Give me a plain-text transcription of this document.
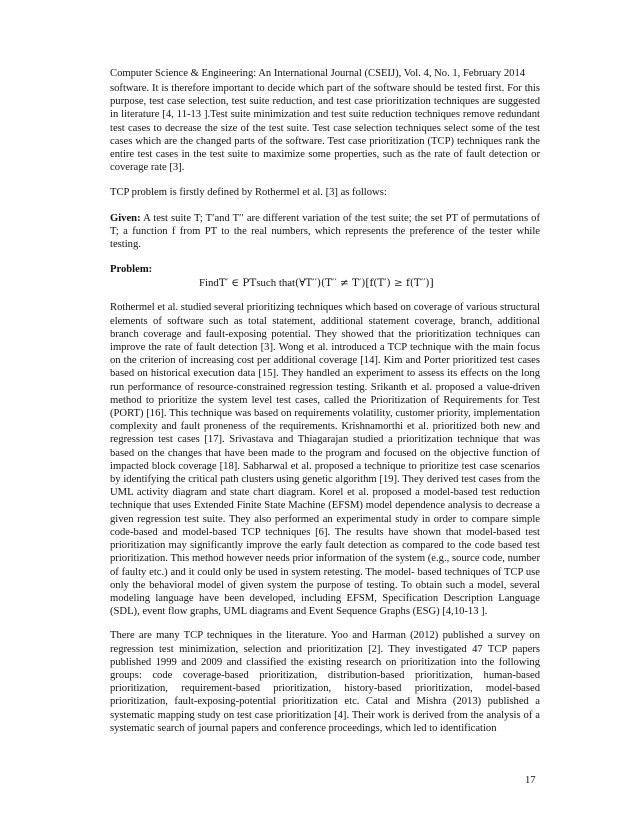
Computer Science & Engineering: An International Journal (CSEIJ), Vol. 4, No. 1, February 2014

software. It is therefore important to decide which part of the software should be tested first. For this purpose, test case selection, test suite reduction, and test case prioritization techniques are suggested in literature [4, 11-13 ].Test suite minimization and test suite reduction techniques remove redundant test cases to decrease the size of the test suite. Test case selection techniques select some of the test cases which are the changed parts of the software. Test case prioritization (TCP) techniques rank the entire test cases in the test suite to maximize some properties, such as the rate of fault detection or coverage rate [3].

TCP problem is firstly defined by Rothermel et al. [3] as follows:

Given: A test suite T; T′and T′′ are different variation of the test suite; the set PT of permutations of T; a function f from PT to the real numbers, which represents the preference of the tester while testing.

Problem:

FindT′ ∈ PTsuch that(∀T′′)(T′′ ≠ T′)[f(T′) ≥ f(T′′)]

Rothermel et al. studied several prioritizing techniques which based on coverage of various structural elements of software such as total statement, additional statement coverage, branch, additional branch coverage and fault-exposing potential. They showed that the prioritization techniques can improve the rate of fault detection [3]. Wong et al. introduced a TCP technique with the main focus on the criterion of increasing cost per additional coverage [14]. Kim and Porter prioritized test cases based on historical execution data [15]. They handled an experiment to assess its effects on the long run performance of resource-constrained regression testing. Srikanth et al. proposed a value-driven method to prioritize the system level test cases, called the Prioritization of Requirements for Test (PORT) [16]. This technique was based on requirements volatility, customer priority, implementation complexity and fault proneness of the requirements. Krishnamorthi et al. prioritized both new and regression test cases [17]. Srivastava and Thiagarajan studied a prioritization technique that was based on the changes that have been made to the program and focused on the objective function of impacted block coverage [18]. Sabharwal et al. proposed a technique to prioritize test case scenarios by identifying the critical path clusters using genetic algorithm [19]. They derived test cases from the UML activity diagram and state chart diagram. Korel et al. proposed a model-based test reduction technique that uses Extended Finite State Machine (EFSM) model dependence analysis to decrease a given regression test suite. They also performed an experimental study in order to compare simple code-based and model-based TCP techniques [6]. The results have shown that model-based test prioritization may significantly improve the early fault detection as compared to the code based test prioritization. This method however needs prior information of the system (e.g., source code, number of faulty etc.) and it could only be used in system retesting. The model- based techniques of TCP use only the behavioral model of given system the purpose of testing. To obtain such a model, several modeling language have been developed, including EFSM, Specification Description Language (SDL), event flow graphs, UML diagrams and Event Sequence Graphs (ESG) [4,10-13 ].

There are many TCP techniques in the literature. Yoo and Harman (2012) published a survey on regression test minimization, selection and prioritization [2]. They investigated 47 TCP papers published 1999 and 2009 and classified the existing research on prioritization into the following groups: code coverage-based prioritization, distribution-based prioritization, human-based prioritization, requirement-based prioritization, history-based prioritization, model-based prioritization, fault-exposing-potential prioritization etc. Catal and Mishra (2013) published a systematic mapping study on test case prioritization [4]. Their work is derived from the analysis of a systematic search of journal papers and conference proceedings, which led to identification

17
